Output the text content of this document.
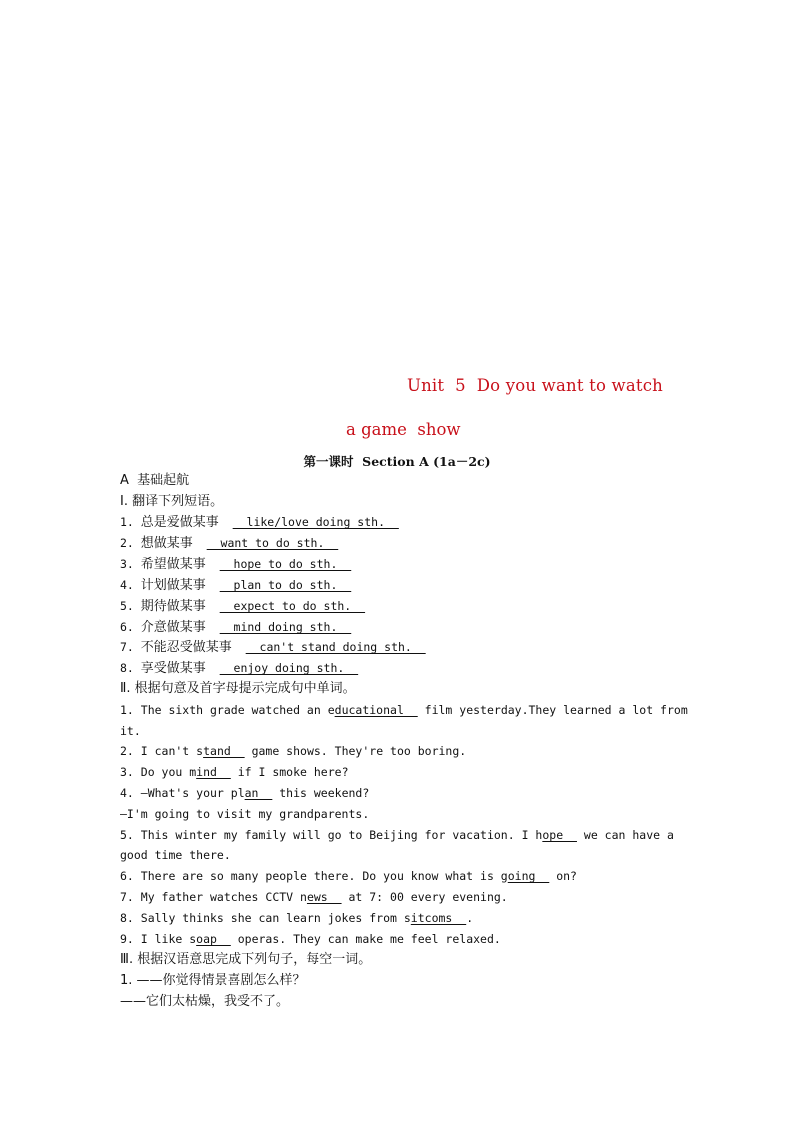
Unit  5  Do you want to watch
a game  show
第一课时 Section A (1a－2c)
A  基础起航
Ⅰ. 翻译下列短语。
1. 总是爱做某事    like/love doing sth.
2. 想做某事    want to do sth.
3. 希望做某事    hope to do sth.
4. 计划做某事    plan to do sth.
5. 期待做某事    expect to do sth.
6. 介意做某事    mind doing sth.
7. 不能忍受做某事    can't stand doing sth.
8. 享受做某事    enjoy doing sth.
Ⅱ. 根据句意及首字母提示完成句中单词。
1. The sixth grade watched an educational   film yesterday.They learned a lot from
it.
2. I can't stand   game shows. They're too boring.
3. Do you mind   if I smoke here?
4. —What's your plan   this weekend?
—I'm going to visit my grandparents.
5. This winter my family will go to Beijing for vacation. I hope   we can have a
good time there.
6. There are so many people there. Do you know what is going   on?
7. My father watches CCTV news   at 7: 00 every evening.
8. Sally thinks she can learn jokes from sitcoms  .
9. I like soap   operas. They can make me feel relaxed.
Ⅲ. 根据汉语意思完成下列句子，每空一词。
1. ——你觉得情景喜剧怎么样？
——它们太枯燥，我受不了。
